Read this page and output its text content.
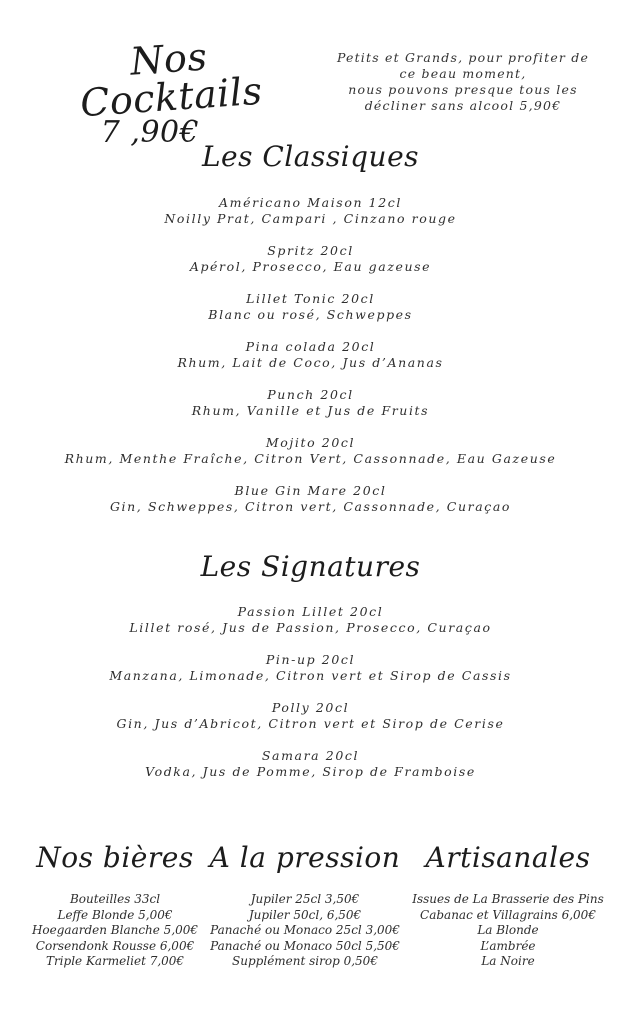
Nos Cocktails
7 ,90€
Petits et Grands, pour profiter de
ce beau moment,
nous pouvons presque tous les
décliner sans alcool 5,90€
Les Classiques
Américano Maison 12cl
Noilly Prat, Campari , Cinzano rouge
Spritz 20cl
Apérol, Prosecco, Eau gazeuse
Lillet Tonic 20cl
Blanc ou rosé, Schweppes
Pina colada 20cl
Rhum, Lait de Coco, Jus d’Ananas
Punch 20cl
Rhum, Vanille et Jus de Fruits
Mojito 20cl
Rhum, Menthe Fraîche, Citron Vert, Cassonnade, Eau Gazeuse
Blue Gin Mare 20cl
Gin, Schweppes, Citron vert, Cassonnade, Curaçao
Les Signatures
Passion Lillet 20cl
Lillet rosé, Jus de Passion, Prosecco, Curaçao
Pin-up 20cl
Manzana, Limonade, Citron vert et Sirop de Cassis
Polly 20cl
Gin, Jus d’Abricot, Citron vert et Sirop de Cerise
Samara 20cl
Vodka, Jus de Pomme, Sirop de Framboise
Nos bières
Bouteilles 33cl
Leffe Blonde 5,00€
Hoegaarden Blanche 5,00€
Corsendonk Rousse 6,00€
Triple Karmeliet 7,00€
A la pression
Jupiler 25cl 3,50€
Jupiler 50cl, 6,50€
Panaché ou Monaco 25cl 3,00€
Panaché ou Monaco 50cl 5,50€
Supplément sirop 0,50€
Artisanales
Issues de La Brasserie des Pins
Cabanac et Villagrains 6,00€
La Blonde
L’ambrée
La Noire
